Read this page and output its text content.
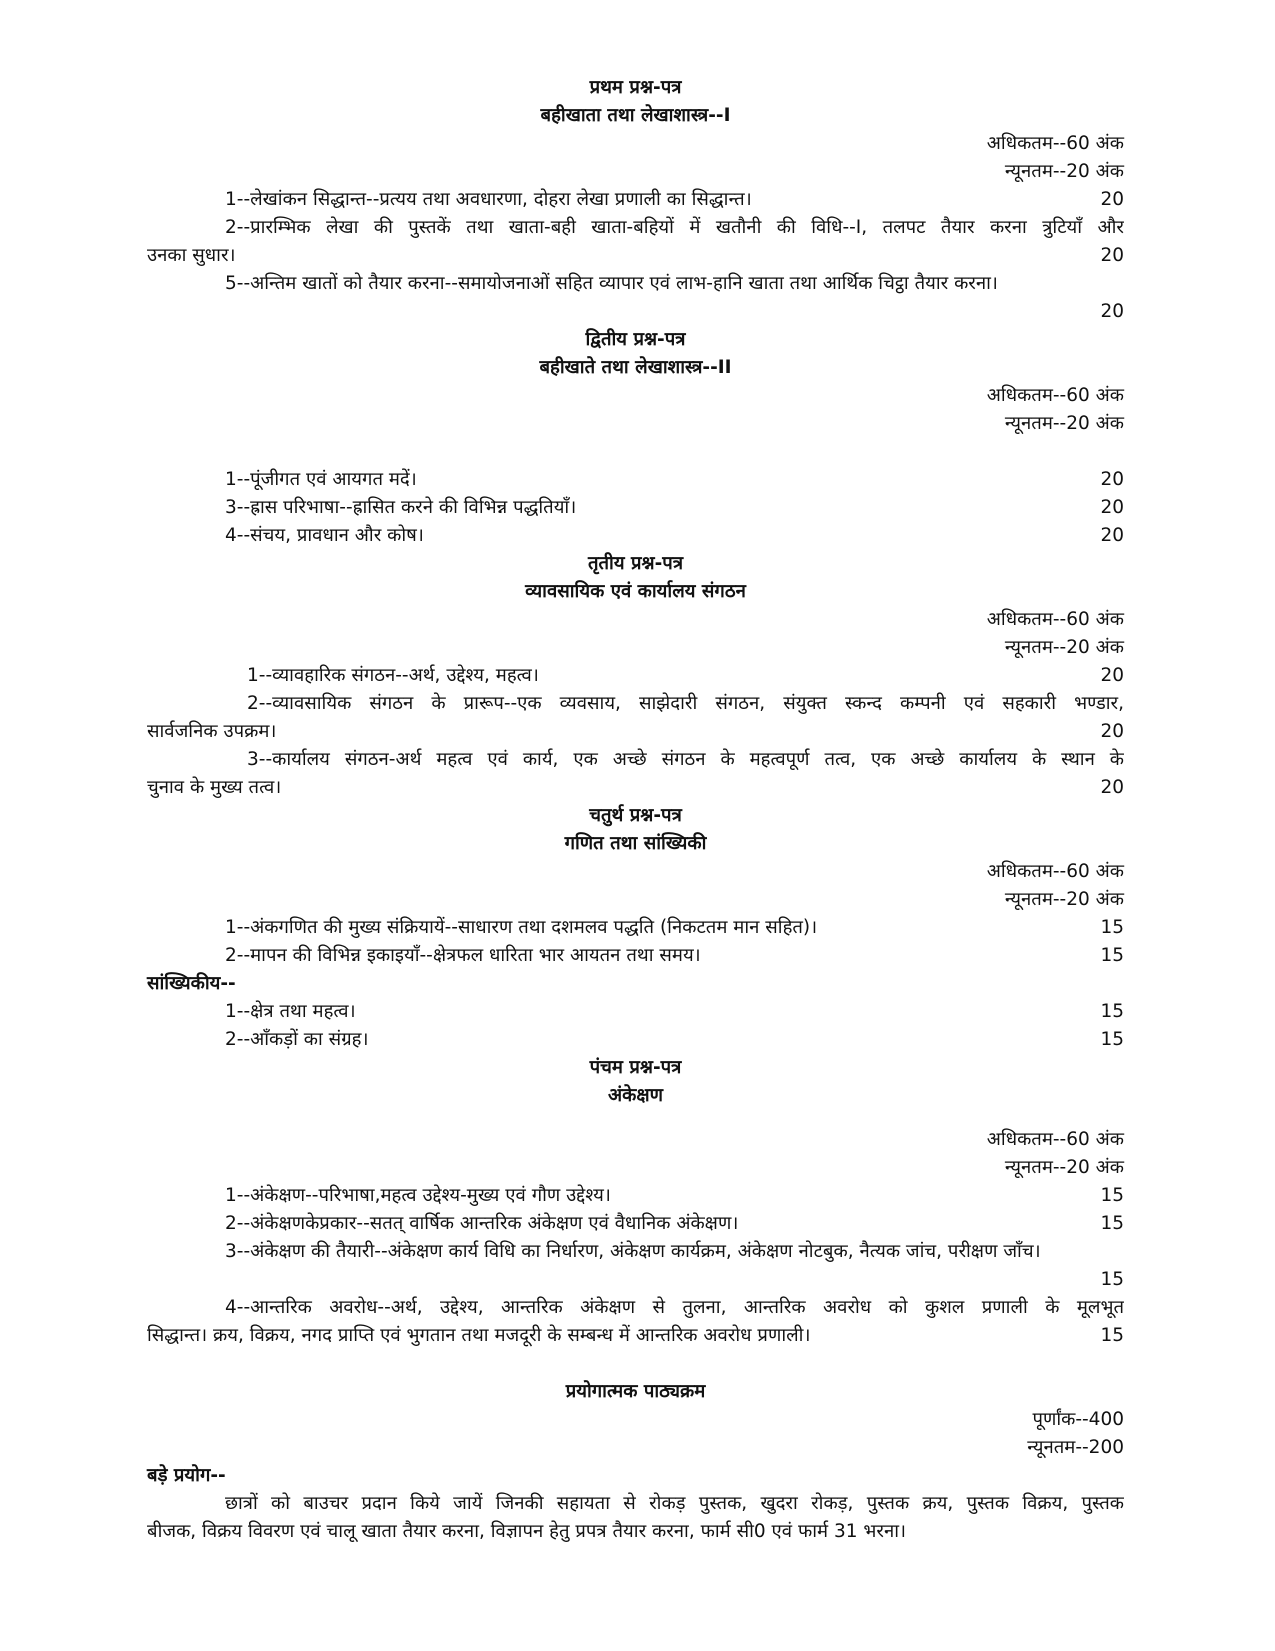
प्रथम प्रश्न-पत्र
बहीखाता तथा लेखाशास्त्र--I
अधिकतम--60 अंक
न्यूनतम--20 अंक
1--लेखांकन सिद्धान्त--प्रत्यय तथा अवधारणा, दोहरा लेखा प्रणाली का सिद्धान्त।	20
2--प्रारम्भिक लेखा की पुस्तकें तथा खाता-बही खाता-बहियों में खतौनी की विधि--I, तलपट तैयार करना त्रुटियाँ और
उनका सुधार।	20
5--अन्तिम खातों को तैयार करना--समायोजनाओं सहित व्यापार एवं लाभ-हानि खाता तथा आर्थिक चिट्ठा तैयार करना।
20
द्वितीय प्रश्न-पत्र
बहीखाते तथा लेखाशास्त्र--II
अधिकतम--60 अंक
न्यूनतम--20 अंक
1--पूंजीगत एवं आयगत मदें।	20
3--ह्रास परिभाषा--ह्रासित करने की विभिन्न पद्धतियाँ।	20
4--संचय, प्रावधान और कोष।	20
तृतीय प्रश्न-पत्र
व्यावसायिक एवं कार्यालय संगठन
अधिकतम--60 अंक
न्यूनतम--20 अंक
1--व्यावहारिक संगठन--अर्थ, उद्देश्य, महत्व।	20
2--व्यावसायिक संगठन के प्रारूप--एक व्यवसाय, साझेदारी संगठन, संयुक्त स्कन्द कम्पनी एवं सहकारी भण्डार,
सार्वजनिक उपक्रम।	20
3--कार्यालय संगठन-अर्थ महत्व एवं कार्य, एक अच्छे संगठन के महत्वपूर्ण तत्व, एक अच्छे कार्यालय के स्थान के
चुनाव के मुख्य तत्व।	20
चतुर्थ प्रश्न-पत्र
गणित तथा सांख्यिकी
अधिकतम--60 अंक
न्यूनतम--20 अंक
1--अंकगणित की मुख्य संक्रियायें--साधारण तथा दशमलव पद्धति (निकटतम मान सहित)।	15
2--मापन की विभिन्न इकाइयाँ--क्षेत्रफल धारिता भार आयतन तथा समय।	15
सांख्यिकीय--
1--क्षेत्र तथा महत्व।	15
2--आँकड़ों का संग्रह।	15
पंचम प्रश्न-पत्र
अंकेक्षण
अधिकतम--60 अंक
न्यूनतम--20 अंक
1--अंकेक्षण--परिभाषा,महत्व उद्देश्य-मुख्य एवं गौण उद्देश्य।	15
2--अंकेक्षणकेप्रकार--सतत् वार्षिक आन्तरिक अंकेक्षण एवं वैधानिक अंकेक्षण।	15
3--अंकेक्षण की तैयारी--अंकेक्षण कार्य विधि का निर्धारण, अंकेक्षण कार्यक्रम, अंकेक्षण नोटबुक, नैत्यक जांच, परीक्षण जाँच।
15
4--आन्तरिक अवरोध--अर्थ, उद्देश्य, आन्तरिक अंकेक्षण से तुलना, आन्तरिक अवरोध को कुशल प्रणाली के मूलभूत
सिद्धान्त। क्रय, विक्रय, नगद प्राप्ति एवं भुगतान तथा मजदूरी के सम्बन्ध में आन्तरिक अवरोध प्रणाली।	15
प्रयोगात्मक पाठ्यक्रम
पूर्णांक--400
न्यूनतम--200
बड़े प्रयोग--
छात्रों को बाउचर प्रदान किये जायें जिनकी सहायता से रोकड़ पुस्तक, खुदरा रोकड़, पुस्तक क्रय, पुस्तक विक्रय, पुस्तक
बीजक, विक्रय विवरण एवं चालू खाता तैयार करना, विज्ञापन हेतु प्रपत्र तैयार करना, फार्म सी0 एवं फार्म 31 भरना।
